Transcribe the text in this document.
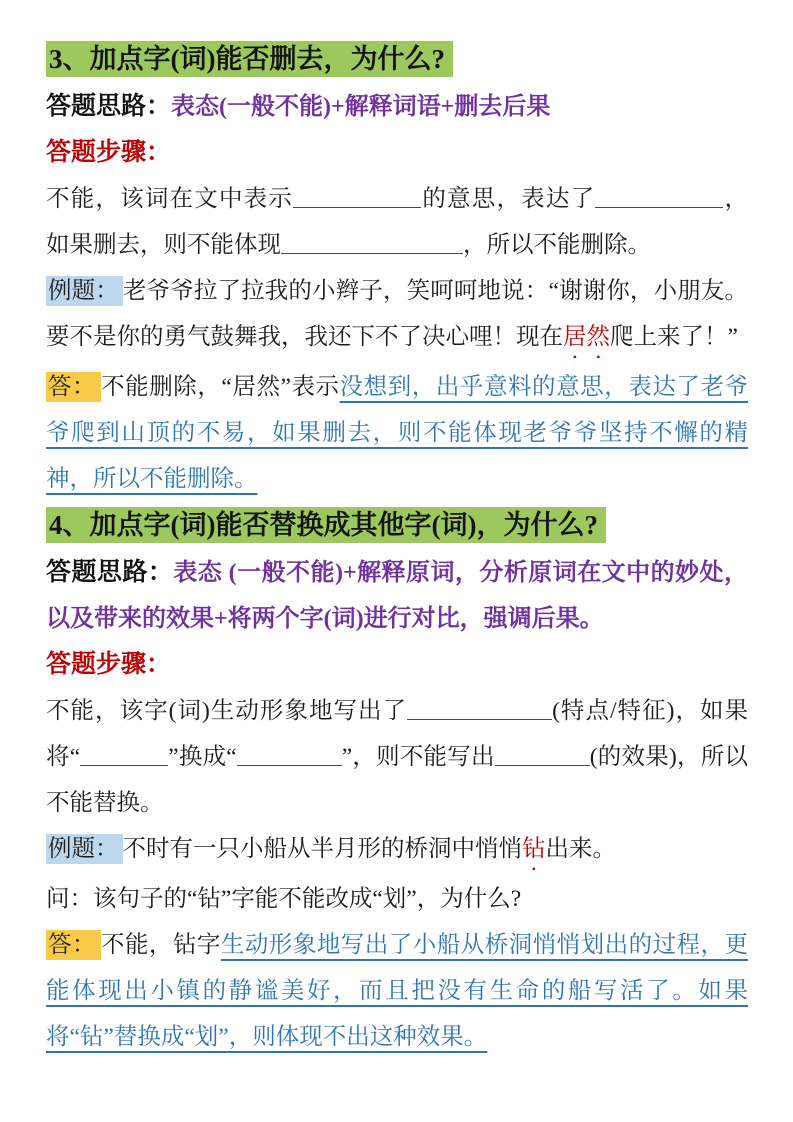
3、加点字(词)能否删去，为什么?

答题思路：表态(一般不能)+解释词语+删去后果

答题步骤：

不能，该词在文中表示	的意思，表达了	，如果删去，则不能体现	，所以不能删除。

例题： 老爷爷拉了拉我的小辫子，笑呵呵地说：“谢谢你，小朋友。要不是你的勇气鼓舞我，我还下不了决心哩！现在居然爬上来了！”

答： 不能删除，“居然”表示没想到，出乎意料的意思，表达了老爷爷爬到山顶的不易，如果删去，则不能体现老爷爷坚持不懈的精神，所以不能删除。

4、加点字(词)能否替换成其他字(词)，为什么?

答题思路：表态 (一般不能)+解释原词，分析原词在文中的妙处，以及带来的效果+将两个字(词)进行对比，强调后果。

答题步骤：

不能，该字(词)生动形象地写出了	(特点/特征)，如果将“	”换成“	”，则不能写出	(的效果)，所以不能替换。

例题： 不时有一只小船从半月形的桥洞中悄悄钻出来。

问：该句子的“钻”字能不能改成“划”，为什么?

答： 不能，钻字生动形象地写出了小船从桥洞悄悄划出的过程，更能体现出小镇的静谧美好，而且把没有生命的船写活了。如果将“钻”替换成“划”，则体现不出这种效果。
